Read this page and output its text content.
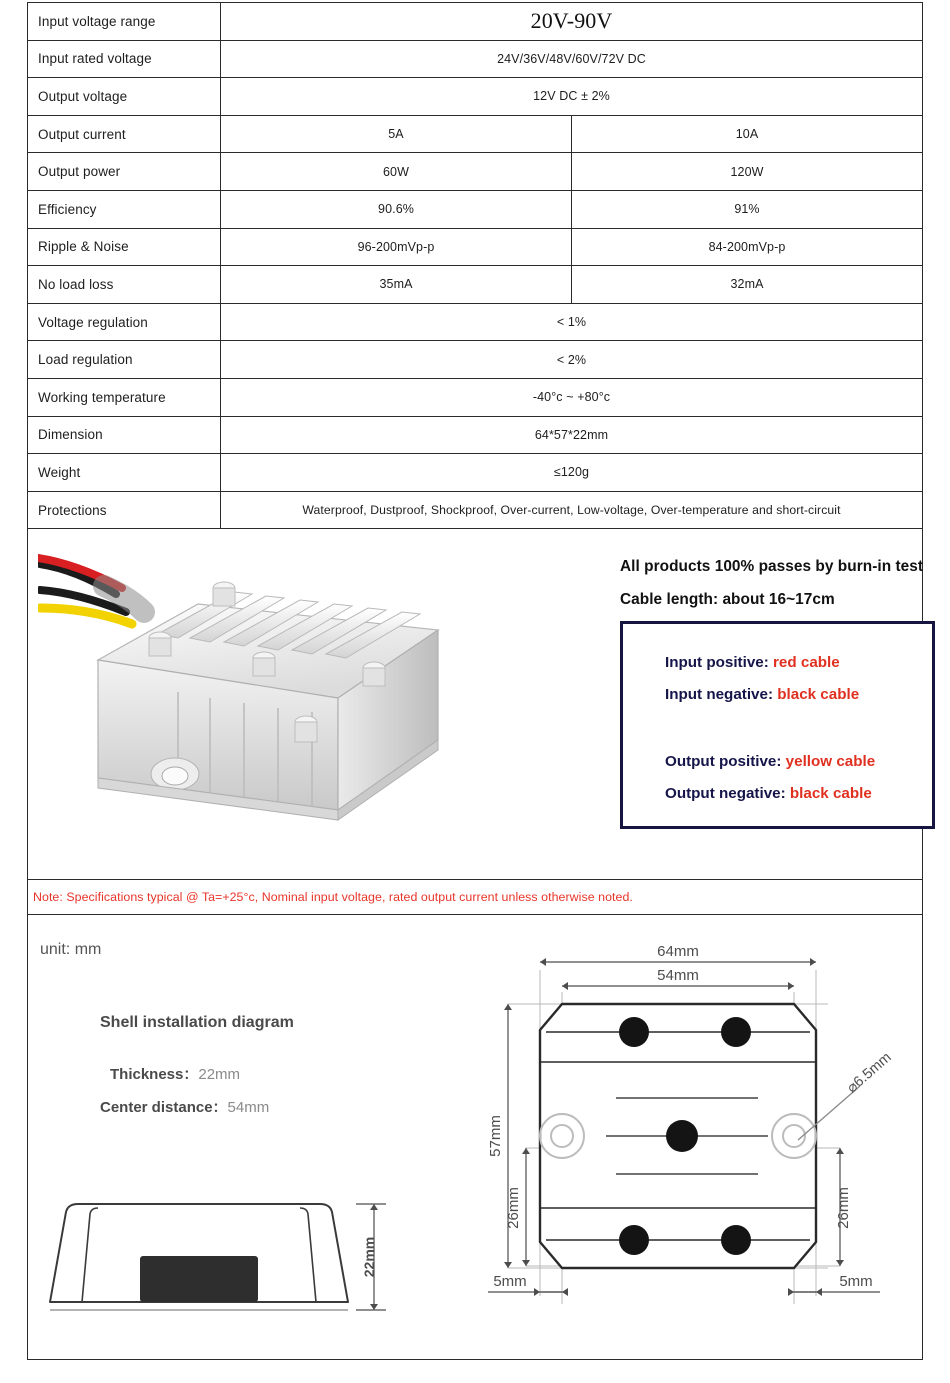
Input voltage range	20V-90V	
Input rated voltage	24V/36V/48V/60V/72V DC	
Output voltage	12V DC ± 2%	
Output current	5A	10A
Output power	60W	120W
Efficiency	90.6%	91%
Ripple & Noise	96-200mVp-p	84-200mVp-p
No load loss	35mA	32mA
Voltage regulation	< 1%	
Load regulation	< 2%	
Working temperature	-40°c ~ +80°c	
Dimension	64*57*22mm	
Weight	≤120g	
Protections	Waterproof, Dustproof, Shockproof, Over-current, Low-voltage, Over-temperature and short-circuit	
All products 100% passes by burn-in test
Cable length: about 16~17cm
Input positive: red cable
Input negative: black cable
Output positive: yellow cable
Output negative: black cable
Note: Specifications typical @ Ta=+25°c, Nominal input voltage, rated output current unless otherwise noted.
unit: mm
Shell installation diagram
Thickness：22mm
Center distance：54mm
22mm
64mm
54mm
⌀6.5mm
57mm
26mm	26mm
5mm	5mm
